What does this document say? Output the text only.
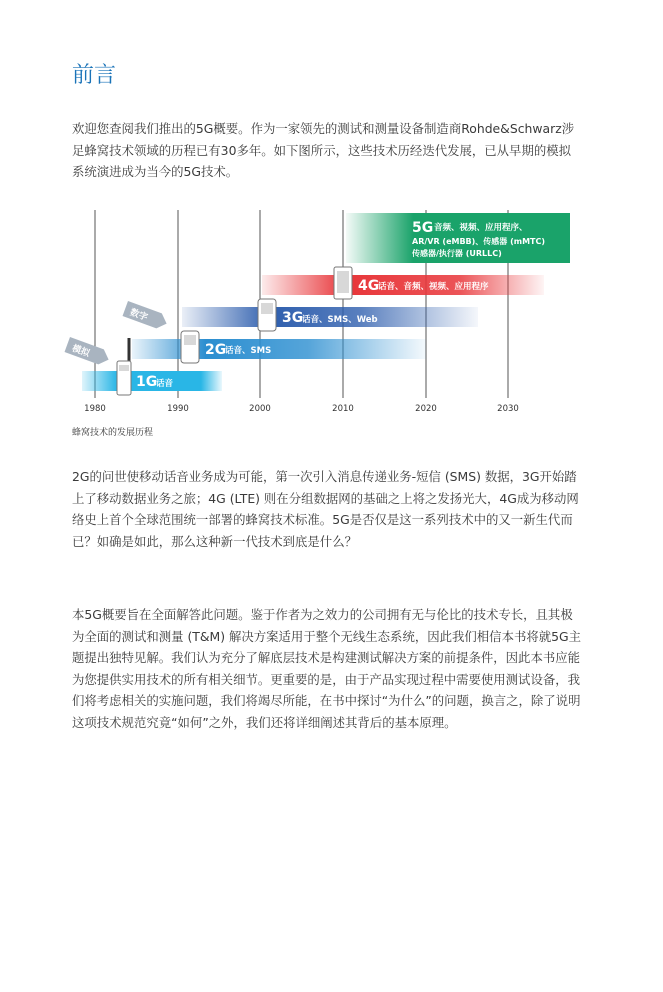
前言

欢迎您查阅我们推出的5G概要。作为一家领先的测试和测量设备制造商Rohde&Schwarz涉足蜂窝技术领域的历程已有30多年。如下图所示，这些技术历经迭代发展，已从早期的模拟系统演进成为当今的5G技术。

5G 音频、视频、应用程序、
AR/VR (eMBB)、传感器 (mMTC)
传感器/执行器 (URLLC)
4G
话音、音频、视频、应用程序
3G
话音、SMS、Web
2G
话音、SMS
1G
话音
模拟
数字
1980	1990	2000	2010	2020	2030
蜂窝技术的发展历程

2G的问世使移动话音业务成为可能，第一次引入消息传递业务-短信 (SMS) 数据，3G开始踏上了移动数据业务之旅；4G (LTE) 则在分组数据网的基础之上将之发扬光大，4G成为移动网络史上首个全球范围统一部署的蜂窝技术标准。5G是否仅是这一系列技术中的又一新生代而已？如确是如此，那么这种新一代技术到底是什么？

本5G概要旨在全面解答此问题。鉴于作者为之效力的公司拥有无与伦比的技术专长，且其极为全面的测试和测量 (T&M) 解决方案适用于整个无线生态系统，因此我们相信本书将就5G主题提出独特见解。我们认为充分了解底层技术是构建测试解决方案的前提条件，因此本书应能为您提供实用技术的所有相关细节。更重要的是，由于产品实现过程中需要使用测试设备，我们将考虑相关的实施问题，我们将竭尽所能，在书中探讨“为什么”的问题，换言之，除了说明这项技术规范究竟“如何”之外，我们还将详细阐述其背后的基本原理。
